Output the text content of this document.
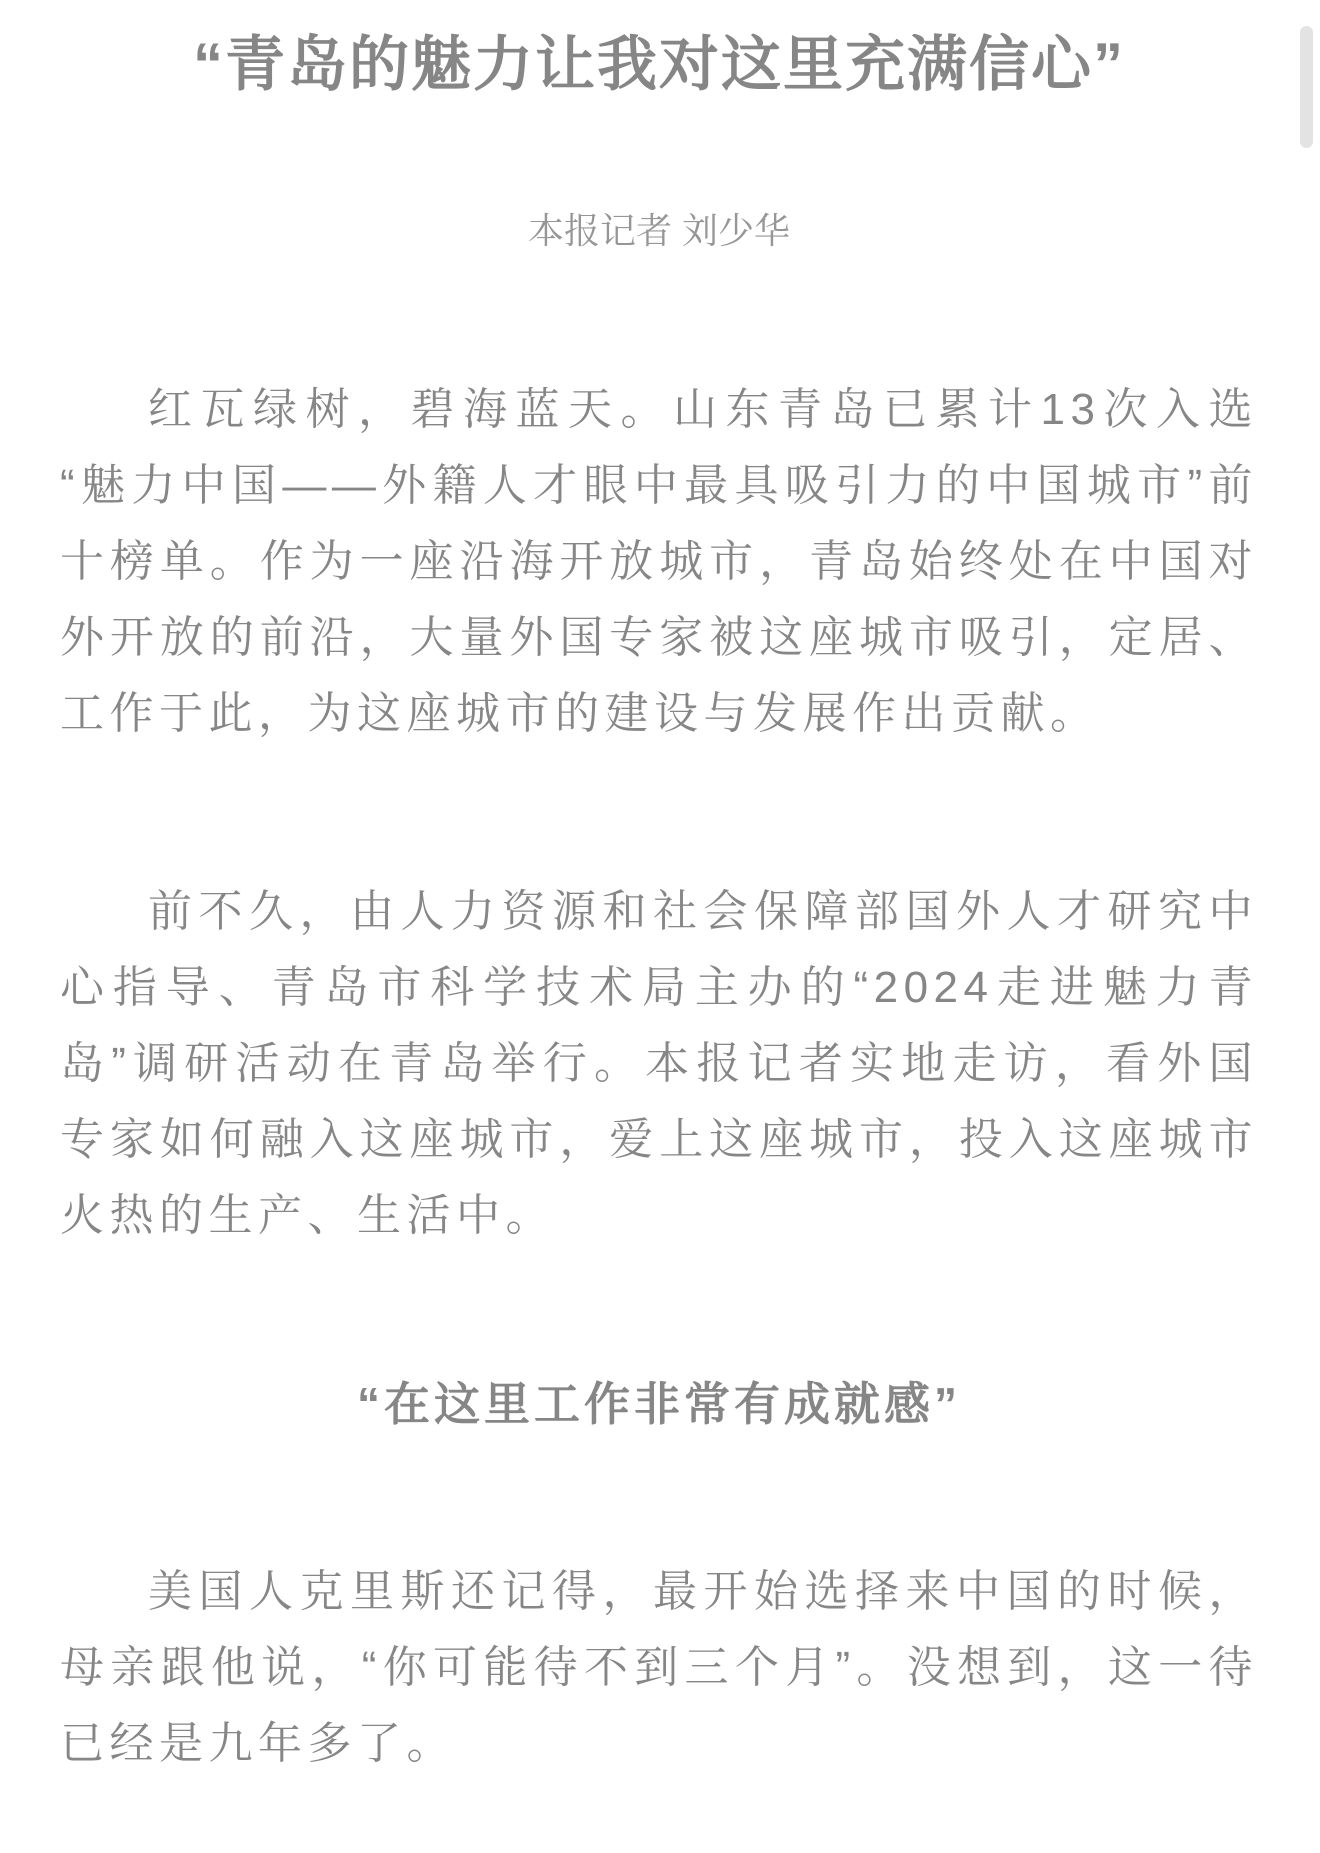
“青岛的魅力让我对这里充满信心”
本报记者 刘少华

红瓦绿树，碧海蓝天。山东青岛已累计13次入选“魅力中国——外籍人才眼中最具吸引力的中国城市”前十榜单。作为一座沿海开放城市，青岛始终处在中国对外开放的前沿，大量外国专家被这座城市吸引，定居、工作于此，为这座城市的建设与发展作出贡献。

前不久，由人力资源和社会保障部国外人才研究中心指导、青岛市科学技术局主办的“2024走进魅力青岛”调研活动在青岛举行。本报记者实地走访，看外国专家如何融入这座城市，爱上这座城市，投入这座城市火热的生产、生活中。

“在这里工作非常有成就感”

美国人克里斯还记得，最开始选择来中国的时候，母亲跟他说，“你可能待不到三个月”。没想到，这一待已经是九年多了。
